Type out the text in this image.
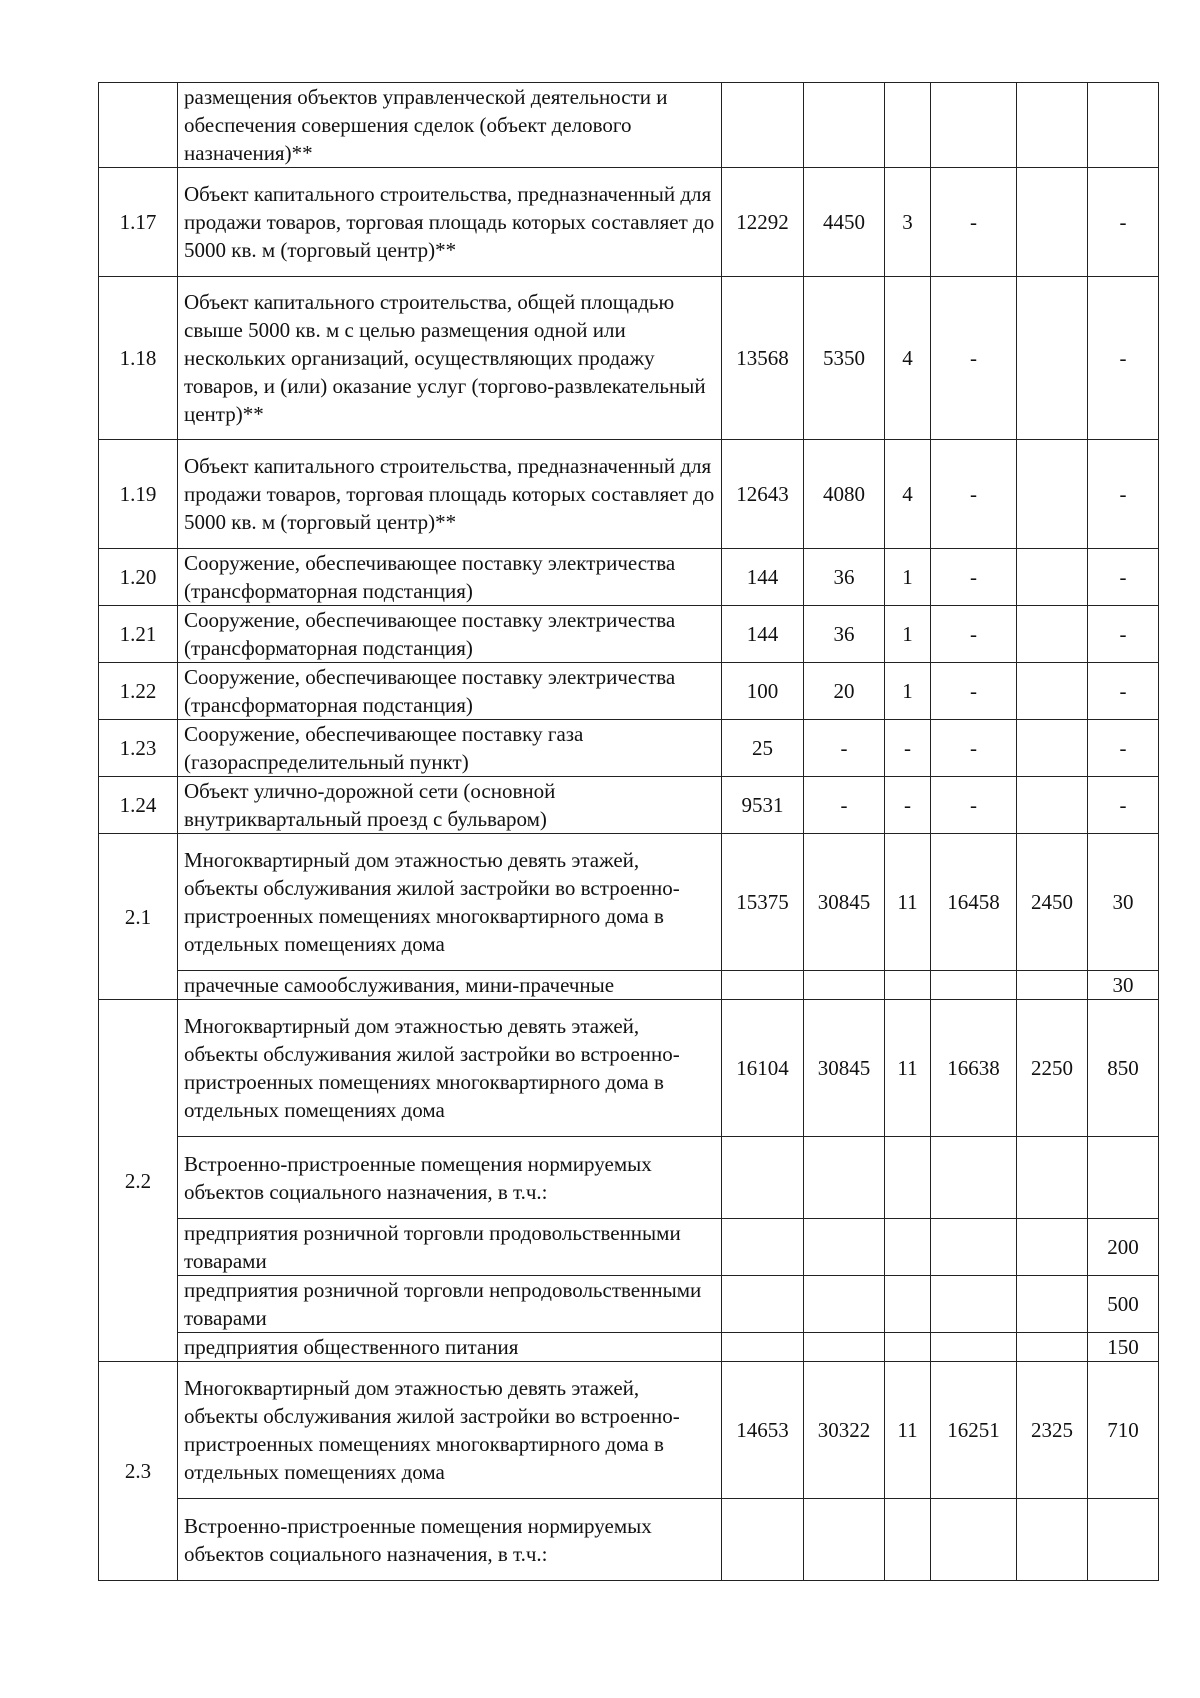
	размещения объектов управленческой деятельности и обеспечения совершения сделок (объект делового назначения)**						
1.17	Объект капитального строительства, предназначенный для продажи товаров, торговая площадь которых составляет до 5000 кв. м (торговый центр)**	12292	4450	3	-		-
1.18	Объект капитального строительства, общей площадью свыше 5000 кв. м с целью размещения одной или нескольких организаций, осуществляющих продажу товаров, и (или) оказание услуг (торгово-развлекательный центр)**	13568	5350	4	-		-
1.19	Объект капитального строительства, предназначенный для продажи товаров, торговая площадь которых составляет до 5000 кв. м (торговый центр)**	12643	4080	4	-		-
1.20	Сооружение, обеспечивающее поставку электричества (трансформаторная подстанция)	144	36	1	-		-
1.21	Сооружение, обеспечивающее поставку электричества (трансформаторная подстанция)	144	36	1	-		-
1.22	Сооружение, обеспечивающее поставку электричества (трансформаторная подстанция)	100	20	1	-		-
1.23	Сооружение, обеспечивающее поставку газа (газораспределительный пункт)	25	-	-	-		-
1.24	Объект улично-дорожной сети (основной внутриквартальный проезд с бульваром)	9531	-	-	-		-
2.1	Многоквартирный дом этажностью девять этажей, объекты обслуживания жилой застройки во встроенно-пристроенных помещениях многоквартирного дома в отдельных помещениях дома	15375	30845	11	16458	2450	30
	прачечные самообслуживания, мини-прачечные						30
2.2	Многоквартирный дом этажностью девять этажей, объекты обслуживания жилой застройки во встроенно-пристроенных помещениях многоквартирного дома в отдельных помещениях дома	16104	30845	11	16638	2250	850
	Встроенно-пристроенные помещения нормируемых объектов социального назначения, в т.ч.:						
	предприятия розничной торговли продовольственными товарами						200
	предприятия розничной торговли непродовольственными товарами						500
	предприятия общественного питания						150
2.3	Многоквартирный дом этажностью девять этажей, объекты обслуживания жилой застройки во встроенно-пристроенных помещениях многоквартирного дома в отдельных помещениях дома	14653	30322	11	16251	2325	710
	Встроенно-пристроенные помещения нормируемых объектов социального назначения, в т.ч.:						
